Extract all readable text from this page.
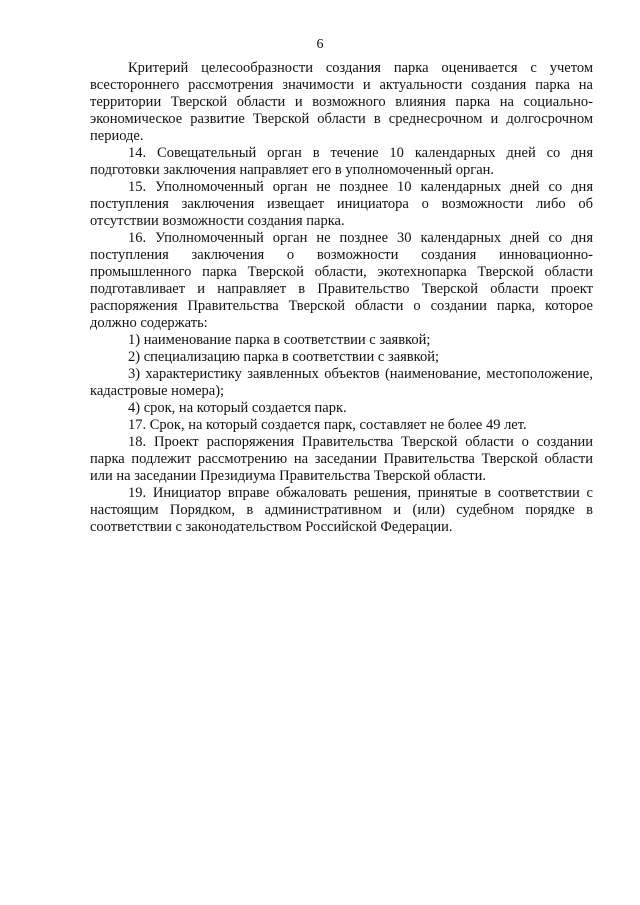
6

Критерий целесообразности создания парка оценивается с учетом всестороннего рассмотрения значимости и актуальности создания парка на территории Тверской области и возможного влияния парка на социально-экономическое развитие Тверской области в среднесрочном и долгосрочном периоде.

14. Совещательный орган в течение 10 календарных дней со дня подготовки заключения направляет его в уполномоченный орган.

15. Уполномоченный орган не позднее 10 календарных дней со дня поступления заключения извещает инициатора о возможности либо об отсутствии возможности создания парка.

16. Уполномоченный орган не позднее 30 календарных дней со дня поступления заключения о возможности создания инновационно-промышленного парка Тверской области, экотехнопарка Тверской области подготавливает и направляет в Правительство Тверской области проект распоряжения Правительства Тверской области о создании парка, которое должно содержать:

1) наименование парка в соответствии с заявкой;

2) специализацию парка в соответствии с заявкой;

3) характеристику заявленных объектов (наименование, местоположение, кадастровые номера);

4) срок, на который создается парк.

17. Срок, на который создается парк, составляет не более 49 лет.

18. Проект распоряжения Правительства Тверской области о создании парка подлежит рассмотрению на заседании Правительства Тверской области или на заседании Президиума Правительства Тверской области.

19. Инициатор вправе обжаловать решения, принятые в соответствии с настоящим Порядком, в административном и (или) судебном порядке в соответствии с законодательством Российской Федерации.
